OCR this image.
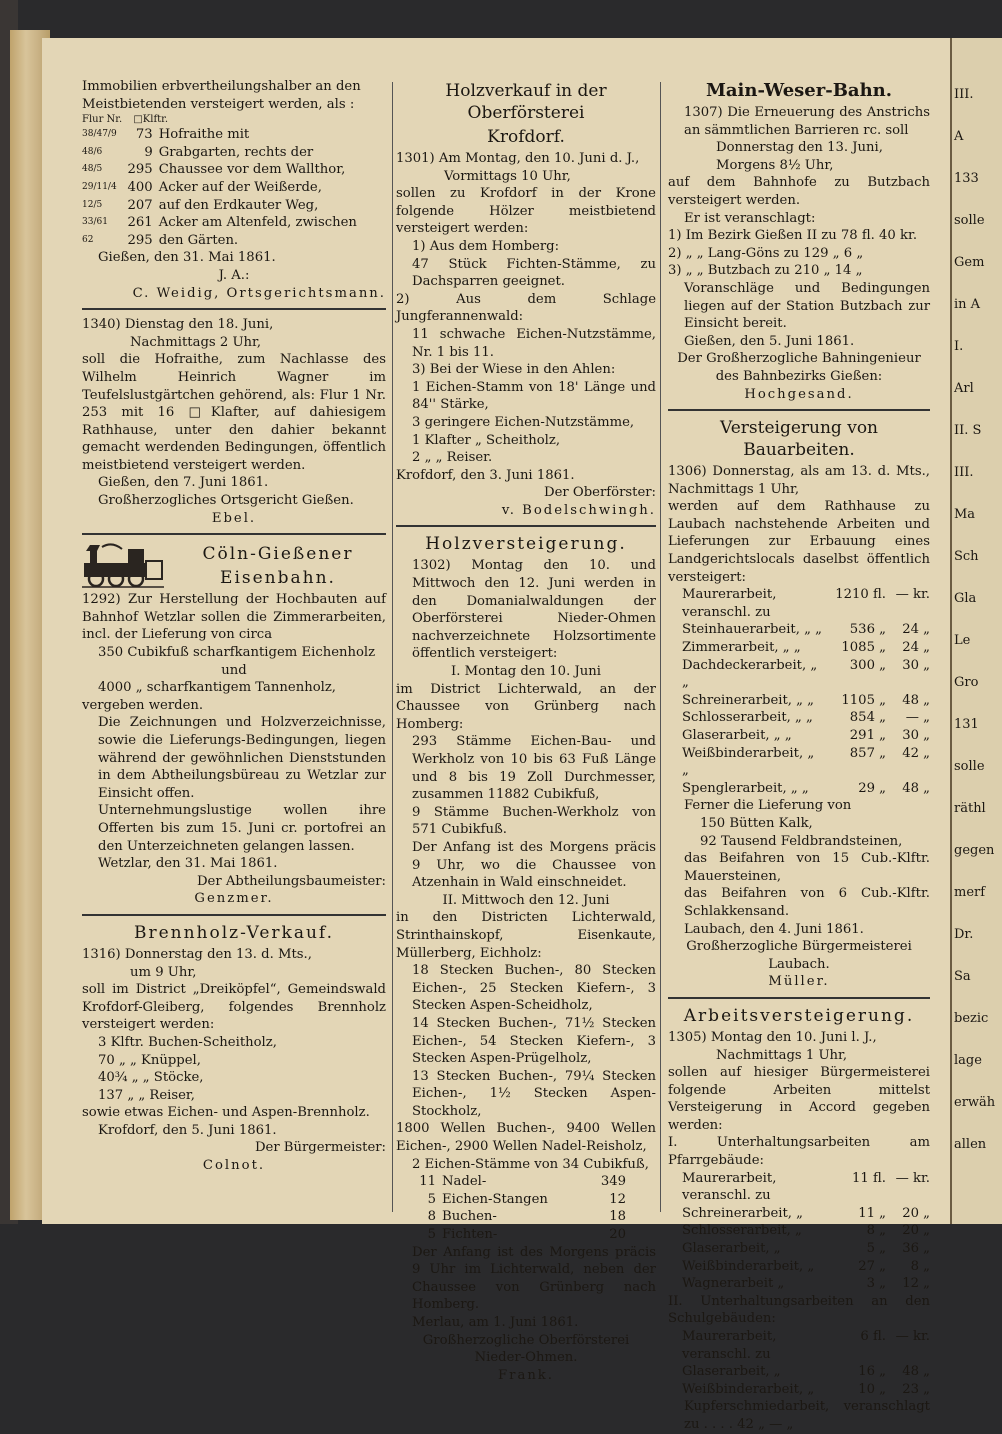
Immobilien erbvertheilungshalber an den

Meistbietenden versteigert werden, als :

Flur Nr. □Klftr.
38/47/9	73	Hofraithe mit
48/6	9	Grabgarten, rechts der
48/5	295	Chaussee vor dem Wallthor,
29/11/4	400	Acker auf der Weißerde,
12/5	207	auf den Erdkauter Weg,
33/61	261	Acker am Altenfeld, zwischen
62	295	den Gärten.

Gießen, den 31. Mai 1861.

J. A.:

C. Weidig, Ortsgerichtsmann.

1340) Dienstag den 18. Juni,

Nachmittags 2 Uhr,

soll die Hofraithe, zum Nachlasse des Wilhelm Heinrich Wagner im Teufelslustgärtchen gehörend, als: Flur 1 Nr. 253 mit 16 □Klafter, auf dahiesigem Rathhause, unter den dahier bekannt gemacht werdenden Bedingungen, öffentlich meistbietend versteigert werden.

Gießen, den 7. Juni 1861.

Großherzogliches Ortsgericht Gießen.

Ebel.

Cöln-Gießener
Eisenbahn.

1292) Zur Herstellung der Hochbauten auf Bahnhof Wetzlar sollen die Zimmerarbeiten, incl. der Lieferung von circa

350 Cubikfuß scharfkantigem Eichenholz

und

4000 „ scharfkantigem Tannenholz,

vergeben werden.

Die Zeichnungen und Holzverzeichnisse, sowie die Lieferungs-Bedingungen, liegen während der gewöhnlichen Dienststunden in dem Abtheilungsbüreau zu Wetzlar zur Einsicht offen.

Unternehmungslustige wollen ihre Offerten bis zum 15. Juni cr. portofrei an den Unterzeichneten gelangen lassen.

Wetzlar, den 31. Mai 1861.

Der Abtheilungsbaumeister:

Genzmer.

Brennholz-Verkauf.

1316) Donnerstag den 13. d. Mts.,

um 9 Uhr,

soll im District „Dreiköpfel“, Gemeindswald Krofdorf-Gleiberg, folgendes Brennholz versteigert werden:

3 Klftr. Buchen-Scheitholz,

70 „ „ Knüppel,

40¾ „ „ Stöcke,

137 „ „ Reiser,

sowie etwas Eichen- und Aspen-Brennholz.

Krofdorf, den 5. Juni 1861.

Der Bürgermeister:

Colnot.

Holzverkauf in der Oberförsterei
Krofdorf.

1301) Am Montag, den 10. Juni d. J.,

Vormittags 10 Uhr,

sollen zu Krofdorf in der Krone folgende Hölzer meistbietend versteigert werden:

1) Aus dem Homberg:

47 Stück Fichten-Stämme, zu Dachsparren geeignet.

2) Aus dem Schlage Jungferannenwald:

11 schwache Eichen-Nutzstämme, Nr. 1 bis 11.

3) Bei der Wiese in den Ahlen:

1 Eichen-Stamm von 18' Länge und 84'' Stärke,

3 geringere Eichen-Nutzstämme,

1 Klafter „ Scheitholz,

2 „ „ Reiser.

Krofdorf, den 3. Juni 1861.

Der Oberförster:

v. Bodelschwingh.

Holzversteigerung.

1302) Montag den 10. und Mittwoch den 12. Juni werden in den Domanialwaldungen der Oberförsterei Nieder-Ohmen nachverzeichnete Holzsortimente öffentlich versteigert:

I. Montag den 10. Juni

im District Lichterwald, an der Chaussee von Grünberg nach Homberg:

293 Stämme Eichen-Bau- und Werkholz von 10 bis 63 Fuß Länge und 8 bis 19 Zoll Durchmesser, zusammen 11882 Cubikfuß,

9 Stämme Buchen-Werkholz von 571 Cubikfuß.

Der Anfang ist des Morgens präcis 9 Uhr, wo die Chaussee von Atzenhain in Wald einschneidet.

II. Mittwoch den 12. Juni

in den Districten Lichterwald, Strinthainskopf, Eisenkaute, Müllerberg, Eichholz:

18 Stecken Buchen-, 80 Stecken Eichen-, 25 Stecken Kiefern-, 3 Stecken Aspen-Scheidholz,

14 Stecken Buchen-, 71½ Stecken Eichen-, 54 Stecken Kiefern-, 3 Stecken Aspen-Prügelholz,

13 Stecken Buchen-, 79¼ Stecken Eichen-, 1½ Stecken Aspen-Stockholz,

1800 Wellen Buchen-, 9400 Wellen Eichen-, 2900 Wellen Nadel-Reisholz,

2 Eichen-Stämme von 34 Cubikfuß,

11	Nadel-	349
5	Eichen-Stangen	12
8	Buchen-	18
5	Fichten-	20

Der Anfang ist des Morgens präcis 9 Uhr im Lichterwald, neben der Chaussee von Grünberg nach Homberg.

Merlau, am 1. Juni 1861.

Großherzogliche Oberförsterei

Nieder-Ohmen.

Frank.

Main-Weser-Bahn.

1307) Die Erneuerung des Anstrichs an sämmtlichen Barrieren rc. soll

Donnerstag den 13. Juni,

Morgens 8½ Uhr,

auf dem Bahnhofe zu Butzbach versteigert werden.

Er ist veranschlagt:

1) Im Bezirk Gießen II zu 78 fl. 40 kr.

2) „ „ Lang-Göns zu 129 „ 6 „

3) „ „ Butzbach zu 210 „ 14 „

Voranschläge und Bedingungen liegen auf der Station Butzbach zur Einsicht bereit.

Gießen, den 5. Juni 1861.

Der Großherzogliche Bahningenieur des Bahnbezirks Gießen:

Hochgesand.

Versteigerung von Bauarbeiten.

1306) Donnerstag, als am 13. d. Mts., Nachmittags 1 Uhr,

werden auf dem Rathhause zu Laubach nachstehende Arbeiten und Lieferungen zur Erbauung eines Landgerichtslocals daselbst öffentlich versteigert:

Maurerarbeit, veranschl. zu	1210 fl.	— kr.
Steinhauerarbeit, „ „	536 „	24 „
Zimmerarbeit, „ „	1085 „	24 „
Dachdeckerarbeit, „ „	300 „	30 „
Schreinerarbeit, „ „	1105 „	48 „
Schlosserarbeit, „ „	854 „	— „
Glaserarbeit, „ „	291 „	30 „
Weißbinderarbeit, „ „	857 „	42 „
Spenglerarbeit, „ „	29 „	48 „

Ferner die Lieferung von

150 Bütten Kalk,

92 Tausend Feldbrandsteinen,

das Beifahren von 15 Cub.-Klftr. Mauersteinen,

das Beifahren von 6 Cub.-Klftr. Schlakkensand.

Laubach, den 4. Juni 1861.

Großherzogliche Bürgermeisterei Laubach.

Müller.

Arbeitsversteigerung.

1305) Montag den 10. Juni l. J.,

Nachmittags 1 Uhr,

sollen auf hiesiger Bürgermeisterei folgende Arbeiten mittelst Versteigerung in Accord gegeben werden:

I. Unterhaltungsarbeiten am Pfarrgebäude:

Maurerarbeit, veranschl. zu	11 fl.	— kr.
Schreinerarbeit, „	11 „	20 „
Schlosserarbeit, „	8 „	20 „
Glaserarbeit, „	5 „	36 „
Weißbinderarbeit, „	27 „	8 „
Wagnerarbeit „	3 „	12 „

II. Unterhaltungsarbeiten an den Schulgebäuden:

Maurerarbeit, veranschl. zu	6 fl.	— kr.
Glaserarbeit, „	16 „	48 „
Weißbinderarbeit, „	10 „	23 „

Kupferschmiedarbeit, veranschlagt zu . . . . 42 „ — „

III.
A
133
solle
Gem
in A
I.
Arl
II. S
III.
Ma
Sch
Gla
Le
Gro
131
solle
räthl
gegen
merf
Dr.
Sa
bezic
lage
erwäh
allen
